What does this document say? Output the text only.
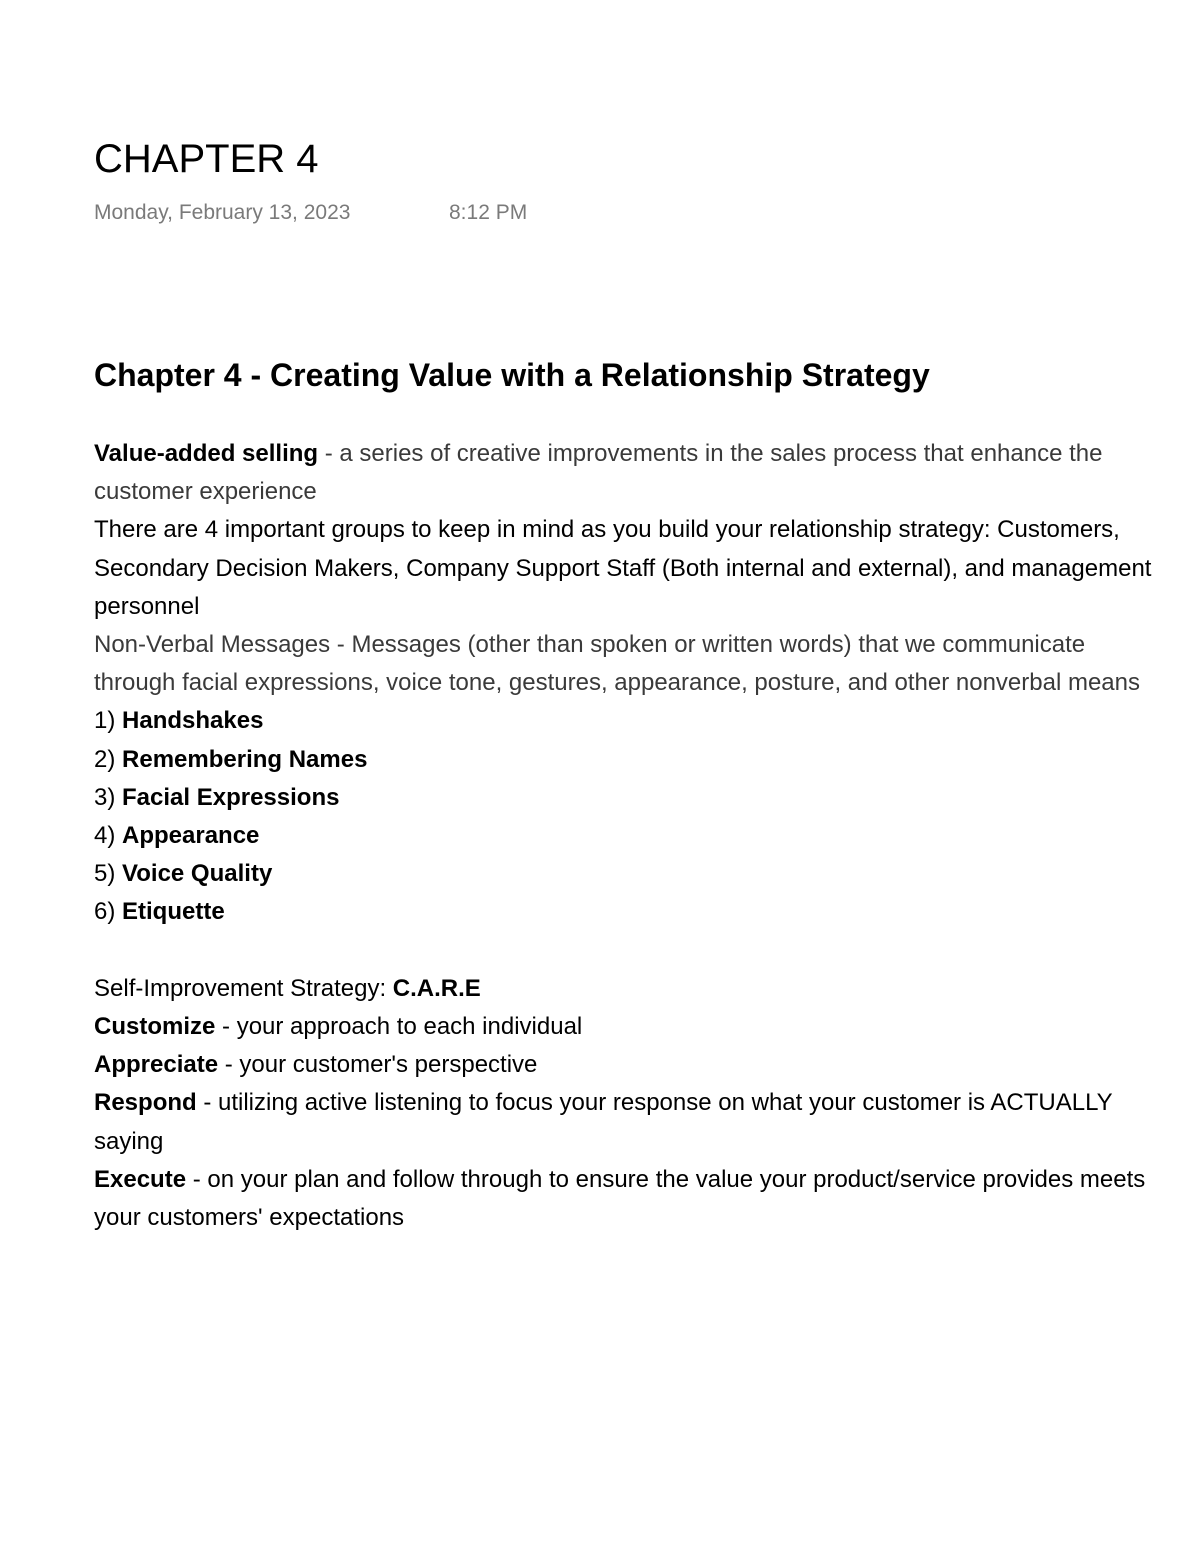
CHAPTER 4
Monday, February 13, 2023	8:12 PM
Chapter 4 - Creating Value with a Relationship Strategy

Value-added selling - a series of creative improvements in the sales process that enhance the customer experience

There are 4 important groups to keep in mind as you build your relationship strategy: Customers, Secondary Decision Makers, Company Support Staff (Both internal and external), and management personnel

Non-Verbal Messages - Messages (other than spoken or written words) that we communicate through facial expressions, voice tone, gestures, appearance, posture, and other nonverbal means

1) Handshakes

2) Remembering Names

3) Facial Expressions

4) Appearance

5) Voice Quality

6) Etiquette

Self-Improvement Strategy: C.A.R.E

Customize - your approach to each individual

Appreciate - your customer's perspective

Respond - utilizing active listening to focus your response on what your customer is ACTUALLY saying

Execute - on your plan and follow through to ensure the value your product/service provides meets your customers' expectations
